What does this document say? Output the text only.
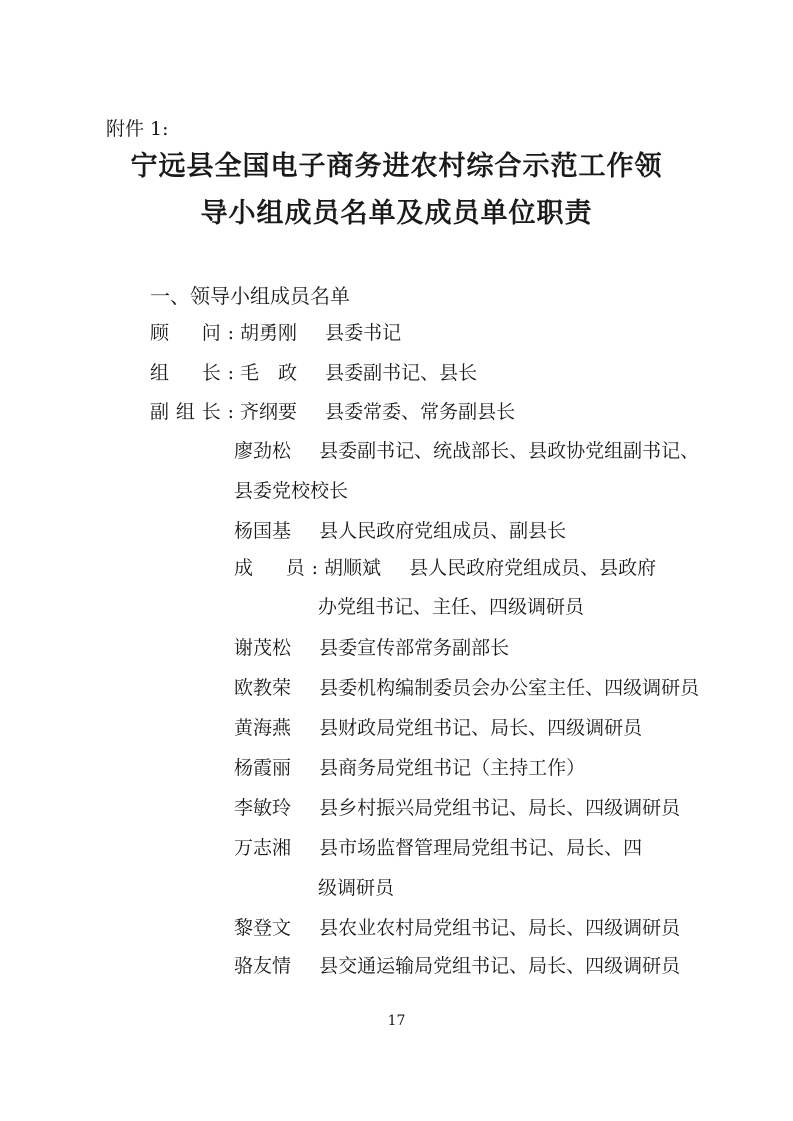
附件 1:
宁远县全国电子商务进农村综合示范工作领
导小组成员名单及成员单位职责
一、领导小组成员名单
顾　问: 胡勇刚 县委书记
组　长: 毛　政 县委副书记、县长
副组长: 齐纲要 县委常委、常务副县长
廖劲松 县委副书记、统战部长、县政协党组副书记、
县委党校校长
杨国基 县人民政府党组成员、副县长
成　员: 胡顺斌 县人民政府党组成员、县政府
办党组书记、主任、四级调研员
谢茂松 县委宣传部常务副部长
欧教荣 县委机构编制委员会办公室主任、四级调研员
黄海燕 县财政局党组书记、局长、四级调研员
杨霞丽 县商务局党组书记（主持工作）
李敏玲 县乡村振兴局党组书记、局长、四级调研员
万志湘 县市场监督管理局党组书记、局长、四
级调研员
黎登文 县农业农村局党组书记、局长、四级调研员
骆友情 县交通运输局党组书记、局长、四级调研员
17
